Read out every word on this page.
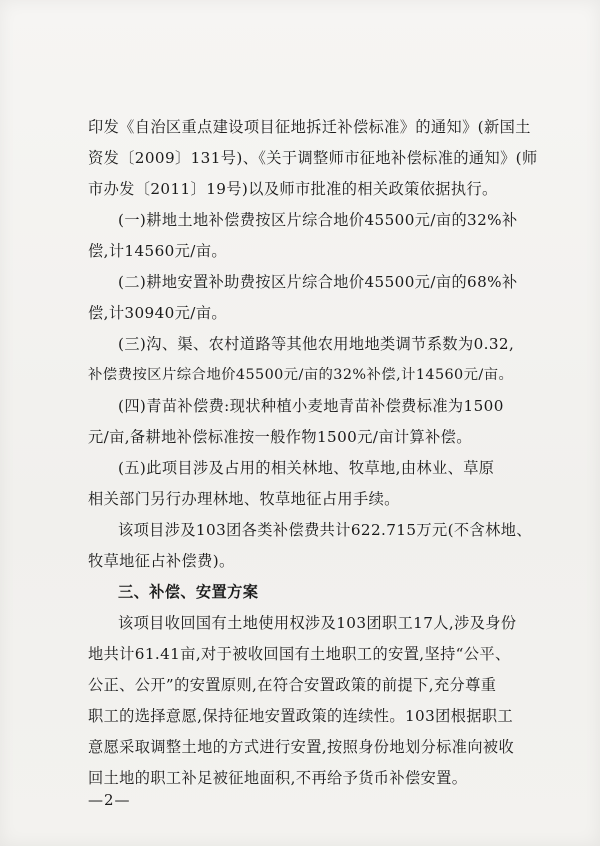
印发《自治区重点建设项目征地拆迁补偿标准》的通知》(新国土
资发〔2009〕131号)、《关于调整师市征地补偿标准的通知》(师
市办发〔2011〕19号)以及师市批准的相关政策依据执行。
(一)耕地土地补偿费按区片综合地价45500元/亩的32%补
偿,计14560元/亩。
(二)耕地安置补助费按区片综合地价45500元/亩的68%补
偿,计30940元/亩。
(三)沟、渠、农村道路等其他农用地地类调节系数为0.32,
补偿费按区片综合地价45500元/亩的32%补偿,计14560元/亩。
(四)青苗补偿费:现状种植小麦地青苗补偿费标准为1500
元/亩,备耕地补偿标准按一般作物1500元/亩计算补偿。
(五)此项目涉及占用的相关林地、牧草地,由林业、草原
相关部门另行办理林地、牧草地征占用手续。
该项目涉及103团各类补偿费共计622.715万元(不含林地、
牧草地征占补偿费)。
三、补偿、安置方案
该项目收回国有土地使用权涉及103团职工17人,涉及身份
地共计61.41亩,对于被收回国有土地职工的安置,坚持“公平、
公正、公开”的安置原则,在符合安置政策的前提下,充分尊重
职工的选择意愿,保持征地安置政策的连续性。103团根据职工
意愿采取调整土地的方式进行安置,按照身份地划分标准向被收
回土地的职工补足被征地面积,不再给予货币补偿安置。
—2—
